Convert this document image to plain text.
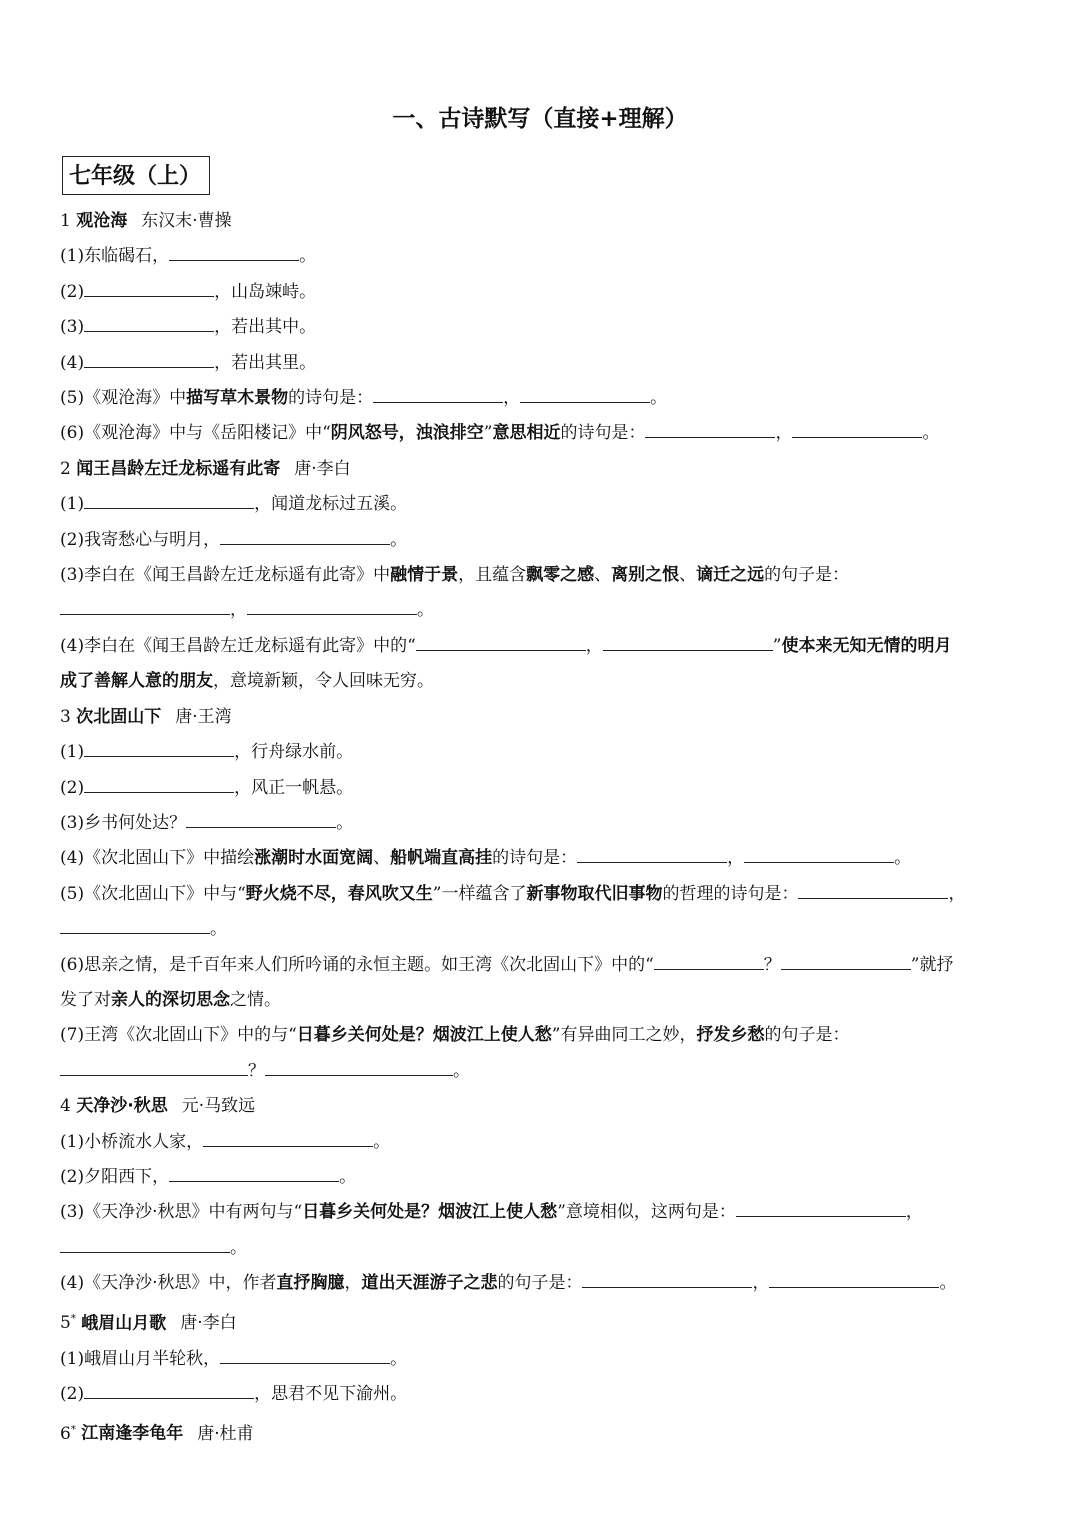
一、古诗默写（直接+理解）
七年级（上）
1 观沧海 东汉末·曹操
(1)东临碣石，	。
(2)	，山岛竦峙。
(3)	，若出其中。
(4)	，若出其里。
(5)《观沧海》中描写草木景物的诗句是：	，	。
(6)《观沧海》中与《岳阳楼记》中“阴风怒号，浊浪排空”意思相近的诗句是：	，	。
2 闻王昌龄左迁龙标遥有此寄 唐·李白
(1)	，闻道龙标过五溪。
(2)我寄愁心与明月，	。
(3)李白在《闻王昌龄左迁龙标遥有此寄》中融情于景，且蕴含飘零之感、离别之恨、谪迁之远的句子是：
，	。
(4)李白在《闻王昌龄左迁龙标遥有此寄》中的“	，	”使本来无知无情的明月
成了善解人意的朋友，意境新颖，令人回味无穷。
3 次北固山下 唐·王湾
(1)	，行舟绿水前。
(2)	，风正一帆悬。
(3)乡书何处达？	。
(4)《次北固山下》中描绘涨潮时水面宽阔、船帆端直高挂的诗句是：	，	。
(5)《次北固山下》中与“野火烧不尽，春风吹又生”一样蕴含了新事物取代旧事物的哲理的诗句是：	，
。
(6)思亲之情，是千百年来人们所吟诵的永恒主题。如王湾《次北固山下》中的“	？	”就抒
发了对亲人的深切思念之情。
(7)王湾《次北固山下》中的与“日暮乡关何处是？烟波江上使人愁”有异曲同工之妙，抒发乡愁的句子是：
？	。
4 天净沙·秋思 元·马致远
(1)小桥流水人家，	。
(2)夕阳西下，	。
(3)《天净沙·秋思》中有两句与“日暮乡关何处是？烟波江上使人愁”意境相似，这两句是：	，
。
(4)《天净沙·秋思》中，作者直抒胸臆，道出天涯游子之悲的句子是：	，	。
5* 峨眉山月歌 唐·李白
(1)峨眉山月半轮秋，	。
(2)	，思君不见下渝州。
6* 江南逢李龟年 唐·杜甫
